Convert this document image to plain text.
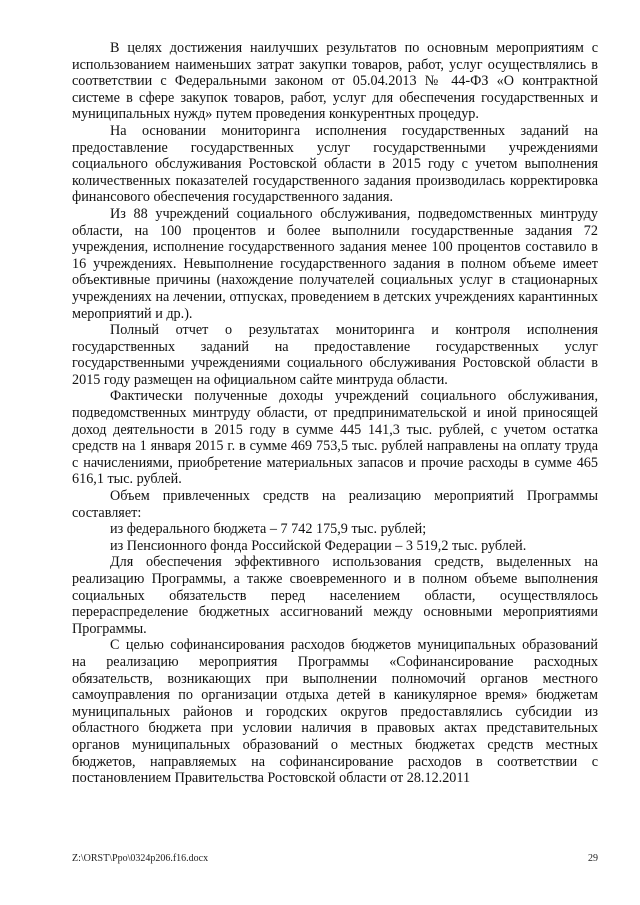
В целях достижения наилучших результатов по основным мероприятиям с использованием наименьших затрат закупки товаров, работ, услуг осуществлялись в соответствии с Федеральными законом от 05.04.2013 № 44-ФЗ «О контрактной системе в сфере закупок товаров, работ, услуг для обеспечения государственных и муниципальных нужд» путем проведения конкурентных процедур.

На основании мониторинга исполнения государственных заданий на предоставление государственных услуг государственными учреждениями социального обслуживания Ростовской области в 2015 году с учетом выполнения количественных показателей государственного задания производилась корректировка финансового обеспечения государственного задания.

Из 88 учреждений социального обслуживания, подведомственных минтруду области, на 100 процентов и более выполнили государственные задания 72 учреждения, исполнение государственного задания менее 100 процентов составило в 16 учреждениях. Невыполнение государственного задания в полном объеме имеет объективные причины (нахождение получателей социальных услуг в стационарных учреждениях на лечении, отпусках, проведением в детских учреждениях карантинных мероприятий и др.).

Полный отчет о результатах мониторинга и контроля исполнения государственных заданий на предоставление государственных услуг государственными учреждениями социального обслуживания Ростовской области в 2015 году размещен на официальном сайте минтруда области.

Фактически полученные доходы учреждений социального обслуживания, подведомственных минтруду области, от предпринимательской и иной приносящей доход деятельности в 2015 году в сумме 445 141,3 тыс. рублей, с учетом остатка средств на 1 января 2015 г. в сумме 469 753,5 тыс. рублей направлены на оплату труда с начислениями, приобретение материальных запасов и прочие расходы в сумме 465 616,1 тыс. рублей.

Объем привлеченных средств на реализацию мероприятий Программы составляет:

из федерального бюджета – 7 742 175,9 тыс. рублей;

из Пенсионного фонда Российской Федерации – 3 519,2 тыс. рублей.

Для обеспечения эффективного использования средств, выделенных на реализацию Программы, а также своевременного и в полном объеме выполнения социальных обязательств перед населением области, осуществлялось перераспределение бюджетных ассигнований между основными мероприятиями Программы.

С целью софинансирования расходов бюджетов муниципальных образований на реализацию мероприятия Программы «Софинансирование расходных обязательств, возникающих при выполнении полномочий органов местного самоуправления по организации отдыха детей в каникулярное время» бюджетам муниципальных районов и городских округов предоставлялись субсидии из областного бюджета при условии наличия в правовых актах представительных органов муниципальных образований о местных бюджетах средств местных бюджетов, направляемых на софинансирование расходов в соответствии с постановлением Правительства Ростовской области от 28.12.2011

Z:\ORST\Ppo\0324p206.f16.docx	29
